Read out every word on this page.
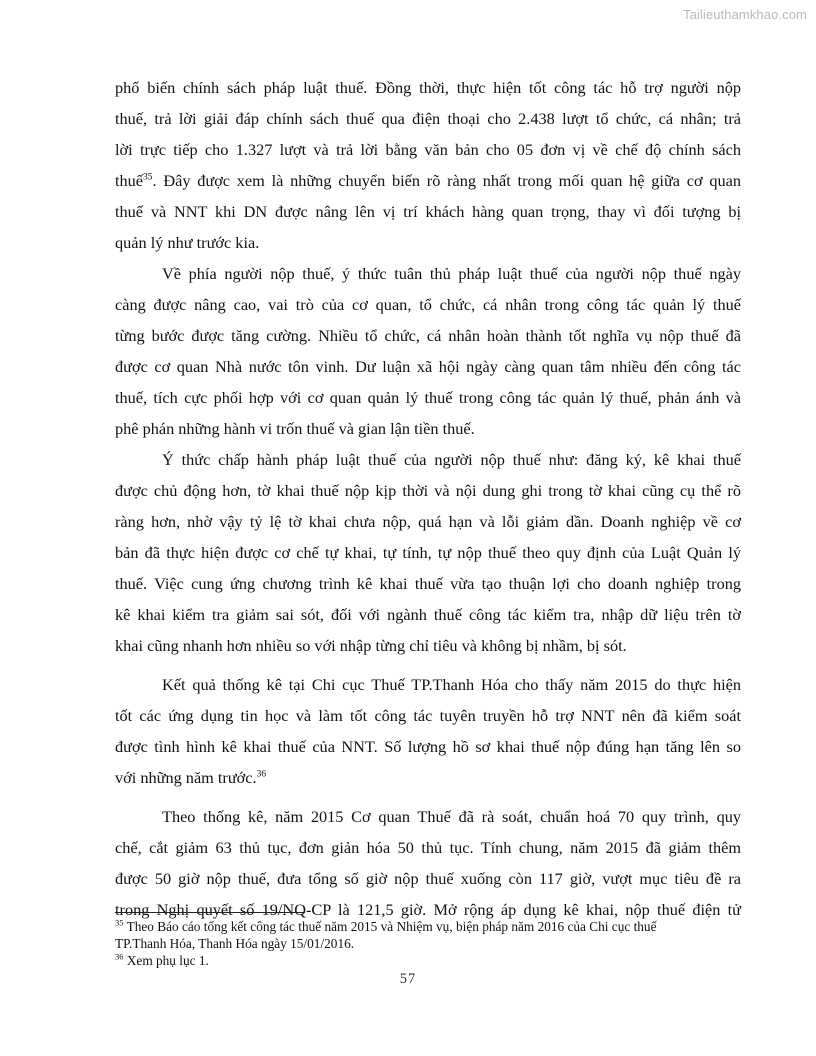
Tailieuthamkhao.com
phổ biến chính sách pháp luật thuế. Đồng thời, thực hiện tốt công tác hỗ trợ người nộp
thuế, trả lời giải đáp chính sách thuế qua điện thoại cho 2.438 lượt tổ chức, cá nhân; trả
lời trực tiếp cho 1.327 lượt và trả lời bằng văn bản cho 05 đơn vị về chế độ chính sách
thuế$^{35}$. Đây được xem là những chuyển biến rõ ràng nhất trong mối quan hệ giữa cơ quan
thuế và NNT khi DN được nâng lên vị trí khách hàng quan trọng, thay vì đối tượng bị
quản lý như trước kia.
Về phía người nộp thuế, ý thức tuân thủ pháp luật thuế của người nộp thuế ngày
càng được nâng cao, vai trò của cơ quan, tổ chức, cá nhân trong công tác quản lý thuế
từng bước được tăng cường. Nhiều tổ chức, cá nhân hoàn thành tốt nghĩa vụ nộp thuế đã
được cơ quan Nhà nước tôn vinh. Dư luận xã hội ngày càng quan tâm nhiều đến công tác
thuế, tích cực phối hợp với cơ quan quản lý thuế trong công tác quản lý thuế, phản ánh và
phê phán những hành vi trốn thuế và gian lận tiền thuế.
Ý thức chấp hành pháp luật thuế của người nộp thuế như: đăng ký, kê khai thuế
được chủ động hơn, tờ khai thuế nộp kịp thời và nội dung ghi trong tờ khai cũng cụ thể rõ
ràng hơn, nhờ vậy tỷ lệ tờ khai chưa nộp, quá hạn và lỗi giảm dần. Doanh nghiệp về cơ
bản đã thực hiện được cơ chế tự khai, tự tính, tự nộp thuế theo quy định của Luật Quản lý
thuế. Việc cung ứng chương trình kê khai thuế vừa tạo thuận lợi cho doanh nghiệp trong
kê khai kiểm tra giảm sai sót, đối với ngành thuế công tác kiểm tra, nhập dữ liệu trên tờ
khai cũng nhanh hơn nhiều so với nhập từng chỉ tiêu và không bị nhầm, bị sót.
Kết quả thống kê tại Chi cục Thuế TP.Thanh Hóa cho thấy năm 2015 do thực hiện
tốt các ứng dụng tin học và làm tốt công tác tuyên truyền hỗ trợ NNT nên đã kiểm soát
được tình hình kê khai thuế của NNT. Số lượng hồ sơ khai thuế nộp đúng hạn tăng lên so
với những năm trước.$^{36}$
Theo thống kê, năm 2015 Cơ quan Thuế đã rà soát, chuẩn hoá 70 quy trình, quy
chế, cắt giảm 63 thủ tục, đơn giản hóa 50 thủ tục. Tính chung, năm 2015 đã giảm thêm
được 50 giờ nộp thuế, đưa tổng số giờ nộp thuế xuống còn 117 giờ, vượt mục tiêu đề ra
trong Nghị quyết số 19/NQ-CP là 121,5 giờ. Mở rộng áp dụng kê khai, nộp thuế điện tử
$^{35}$ Theo Báo cáo tổng kết công tác thuế năm 2015 và Nhiệm vụ, biện pháp năm 2016 của Chi cục thuế
TP.Thanh Hóa, Thanh Hóa ngày 15/01/2016.
$^{36}$ Xem phụ lục 1.
57
